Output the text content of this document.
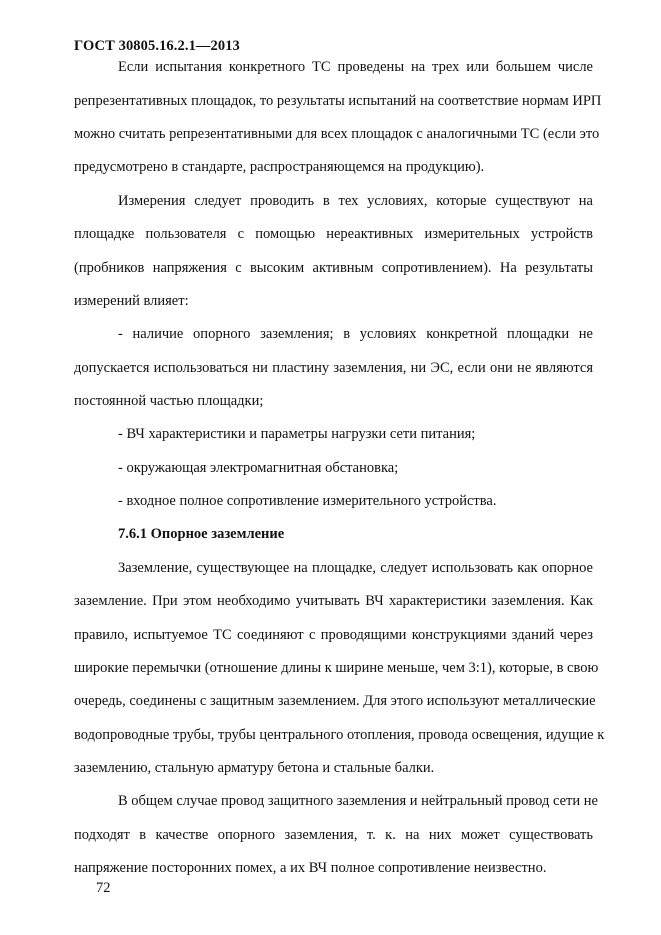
ГОСТ 30805.16.2.1—2013
Если испытания конкретного ТС проведены на трех или большем числе
репрезентативных площадок, то результаты испытаний на соответствие нормам ИРП
можно считать репрезентативными для всех площадок с аналогичными ТС (если это
предусмотрено в стандарте, распространяющемся на продукцию).
Измерения следует проводить в тех условиях, которые существуют на
площадке пользователя с помощью нереактивных измерительных устройств
(пробников напряжения с высоким активным сопротивлением). На результаты
измерений влияет:
- наличие опорного заземления; в условиях конкретной площадки не
допускается использоваться ни пластину заземления, ни ЭС, если они не являются
постоянной частью площадки;
- ВЧ характеристики и параметры нагрузки сети питания;
- окружающая электромагнитная обстановка;
- входное полное сопротивление измерительного устройства.
7.6.1 Опорное заземление
Заземление, существующее на площадке, следует использовать как опорное
заземление. При этом необходимо учитывать ВЧ характеристики заземления. Как
правило, испытуемое ТС соединяют с проводящими конструкциями зданий через
широкие перемычки (отношение длины к ширине меньше, чем 3:1), которые, в свою
очередь, соединены с защитным заземлением. Для этого используют металлические
водопроводные трубы, трубы центрального отопления, провода освещения, идущие к
заземлению, стальную арматуру бетона и стальные балки.
В общем случае провод защитного заземления и нейтральный провод сети не
подходят в качестве опорного заземления, т. к. на них может существовать
напряжение посторонних помех, а их ВЧ полное сопротивление неизвестно.
72
